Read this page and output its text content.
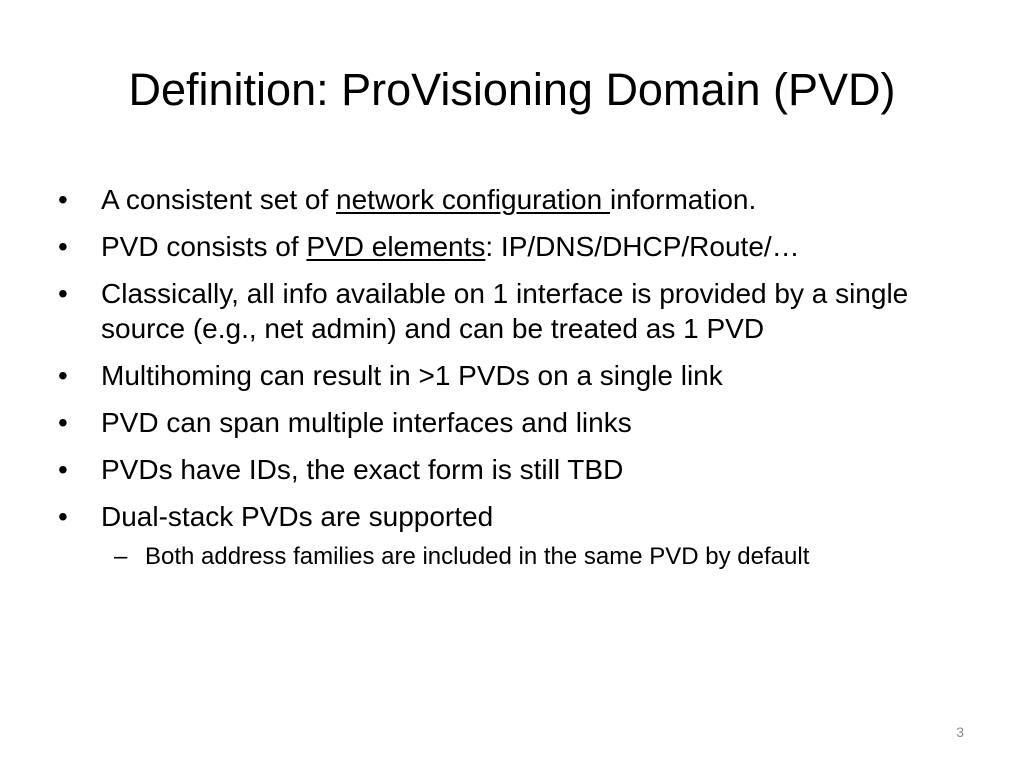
Definition: ProVisioning Domain (PVD)
•	A consistent set of network configuration information.
•	PVD consists of PVD elements: IP/DNS/DHCP/Route/…
•	Classically, all info available on 1 interface is provided by a single source (e.g., net admin) and can be treated as 1 PVD
•	Multihoming can result in >1 PVDs on a single link
•	PVD can span multiple interfaces and links
•	PVDs have IDs, the exact form is still TBD
•	Dual-stack PVDs are supported
– Both address families are included in the same PVD by default
3
